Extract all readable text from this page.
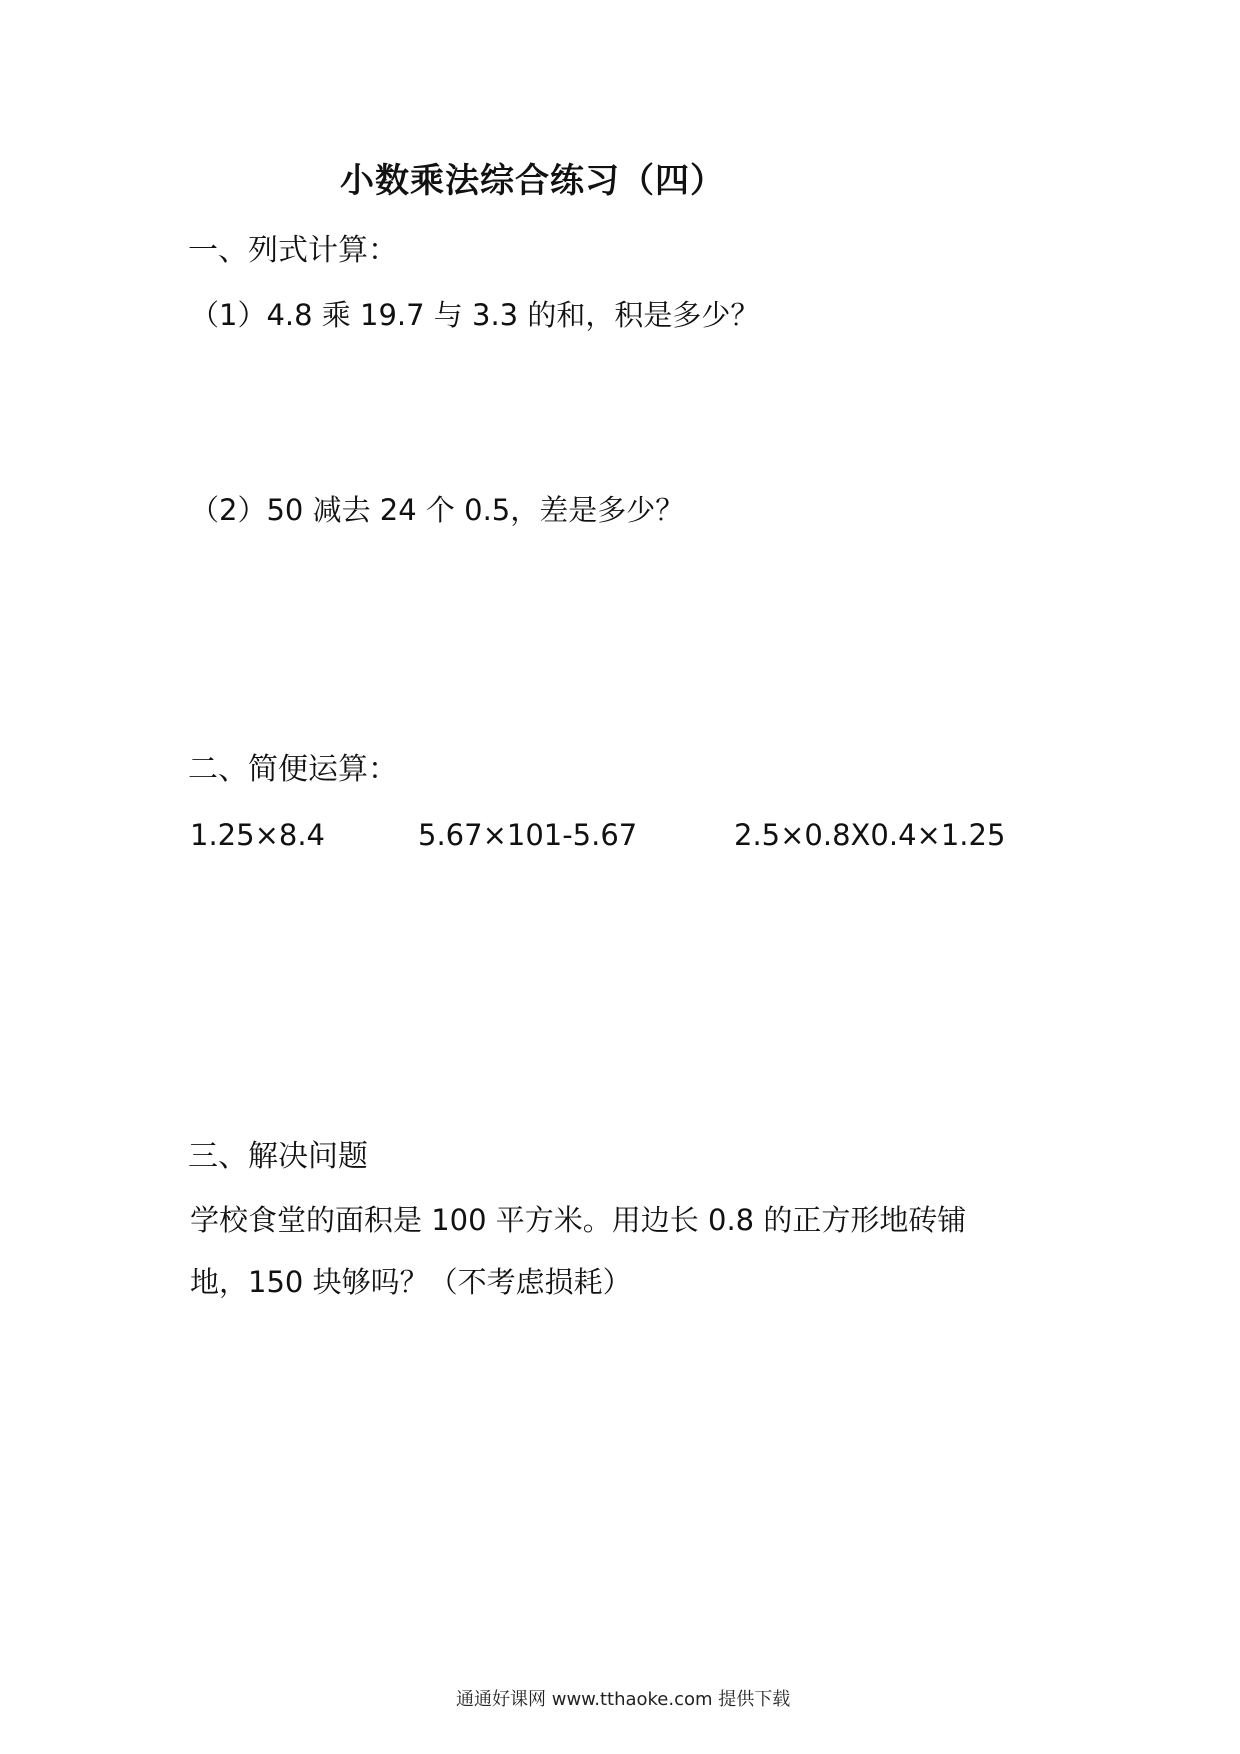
小数乘法综合练习（四）
一、列式计算：
（1）4.8 乘 19.7 与 3.3 的和，积是多少？
（2）50 减去 24 个 0.5，差是多少？
二、简便运算：
1.25×8.4	5.67×101-5.67	2.5×0.8X0.4×1.25
三、解决问题
学校食堂的面积是 100 平方米。用边长 0.8 的正方形地砖铺
地，150 块够吗？（不考虑损耗）
通通好课网 www.tthaoke.com 提供下载
